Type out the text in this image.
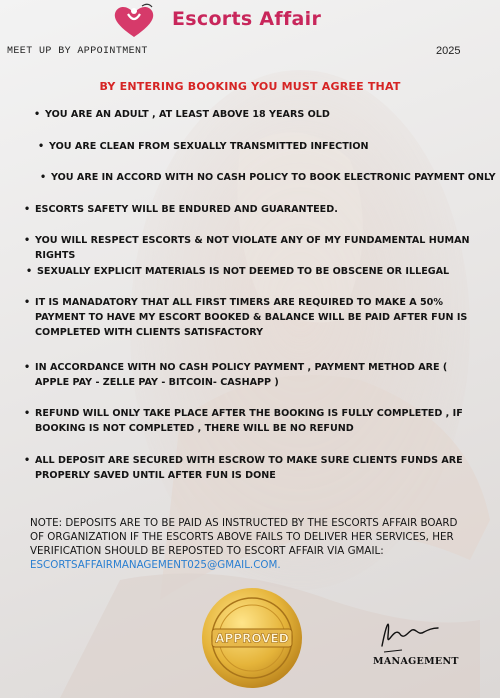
Escorts Affair
MEET UP BY APPOINTMENT	2025
BY ENTERING BOOKING YOU MUST AGREE THAT
• YOU ARE AN ADULT , AT LEAST ABOVE 18 YEARS OLD
• YOU ARE CLEAN FROM SEXUALLY TRANSMITTED INFECTION
• YOU ARE IN ACCORD WITH NO CASH POLICY TO BOOK ELECTRONIC PAYMENT ONLY
• ESCORTS SAFETY WILL BE ENDURED AND GUARANTEED.
• YOU WILL RESPECT ESCORTS & NOT VIOLATE ANY OF MY FUNDAMENTAL HUMAN RIGHTS
• SEXUALLY EXPLICIT MATERIALS IS NOT DEEMED TO BE OBSCENE OR ILLEGAL
• IT IS MANADATORY THAT ALL FIRST TIMERS ARE REQUIRED TO MAKE A 50% PAYMENT TO HAVE MY ESCORT BOOKED & BALANCE WILL BE PAID AFTER FUN IS COMPLETED WITH CLIENTS SATISFACTORY
• IN ACCORDANCE WITH NO CASH POLICY PAYMENT , PAYMENT METHOD ARE ( APPLE PAY - ZELLE PAY - BITCOIN- CASHAPP )
• REFUND WILL ONLY TAKE PLACE AFTER THE BOOKING IS FULLY COMPLETED , IF BOOKING IS NOT COMPLETED , THERE WILL BE NO REFUND
• ALL DEPOSIT ARE SECURED WITH ESCROW TO MAKE SURE CLIENTS FUNDS ARE PROPERLY SAVED UNTIL AFTER FUN IS DONE
NOTE: DEPOSITS ARE TO BE PAID AS INSTRUCTED BY THE ESCORTS AFFAIR BOARD OF ORGANIZATION IF THE ESCORTS ABOVE FAILS TO DELIVER HER SERVICES, HER VERIFICATION SHOULD BE REPOSTED TO ESCORT AFFAIR VIA GMAIL: ESCORTSAFFAIRMANAGEMENT025@GMAIL.COM.
APPROVED
MANAGEMENT
